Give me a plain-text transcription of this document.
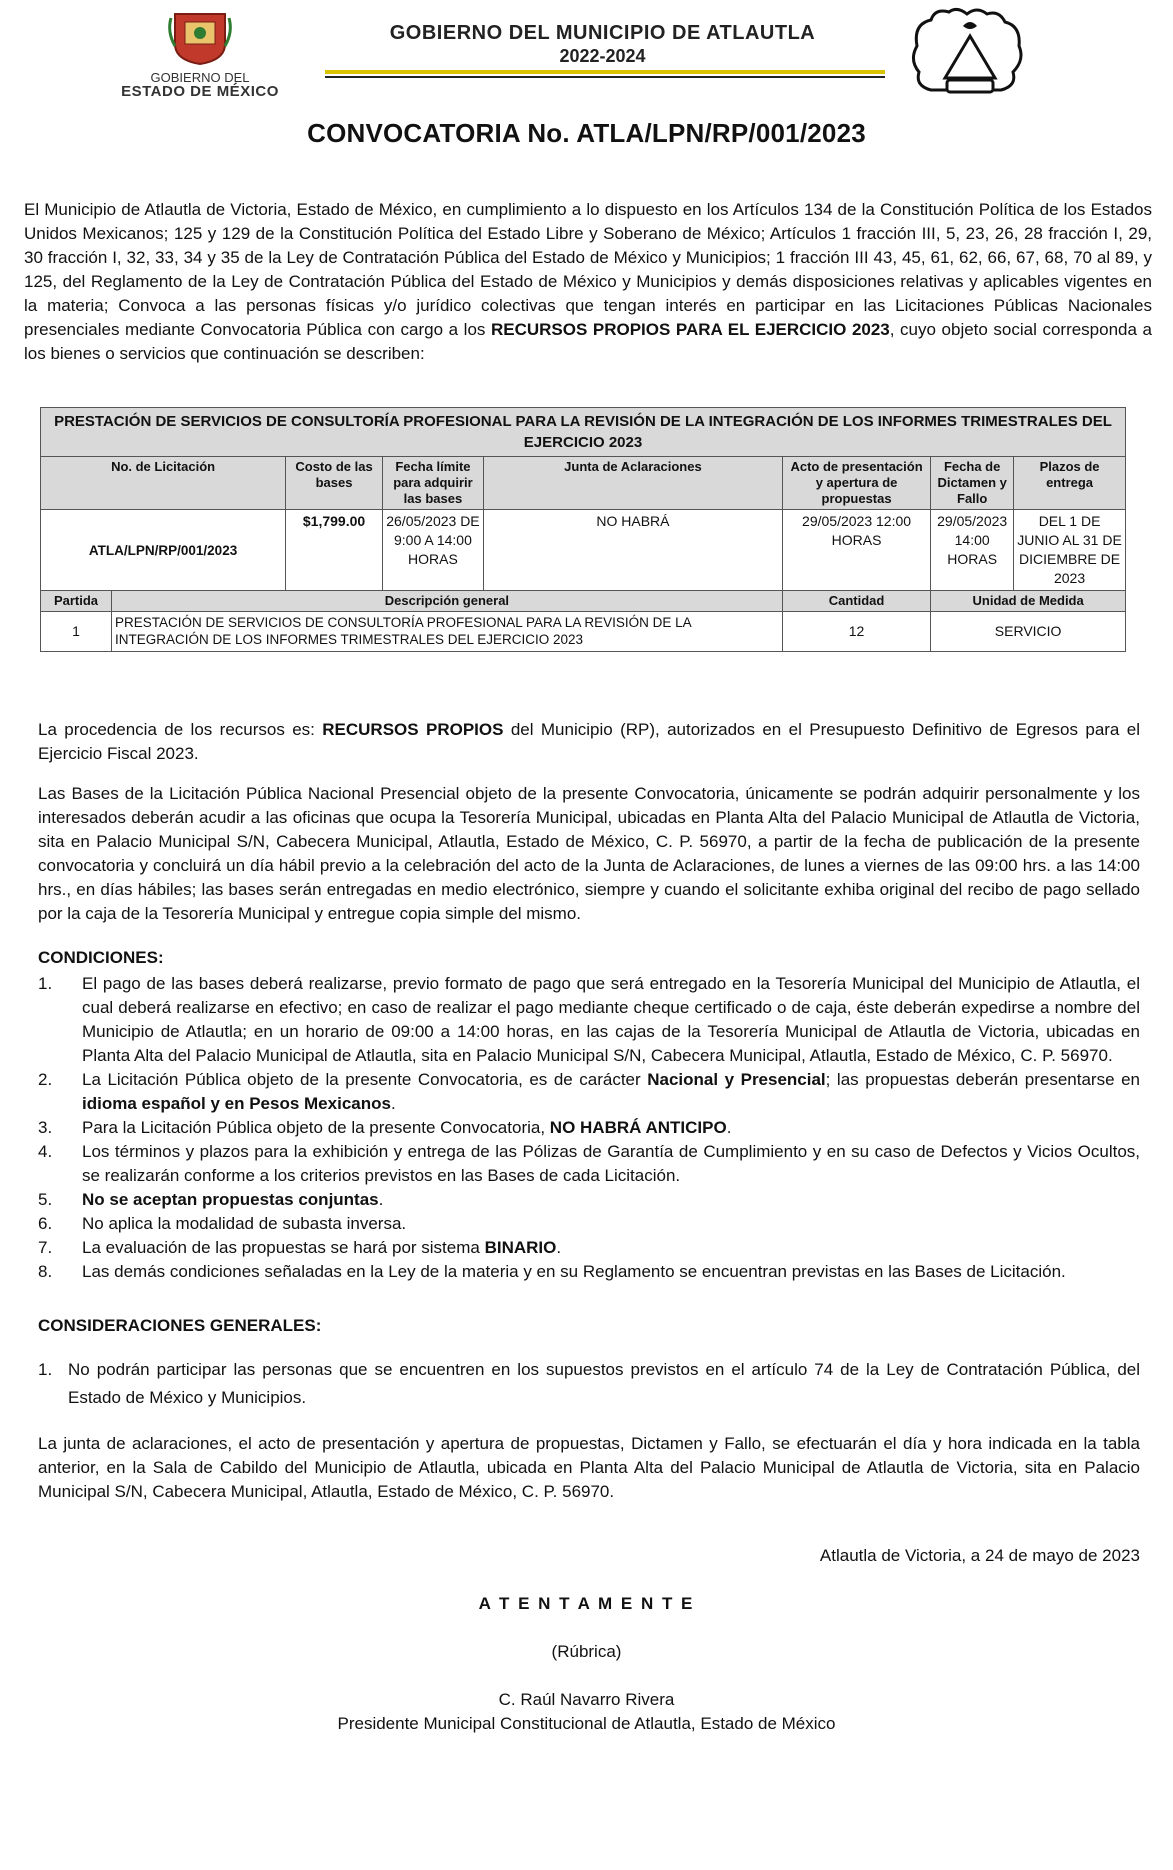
GOBIERNO DEL
ESTADO DE MÉXICO
GOBIERNO DEL MUNICIPIO DE ATLAUTLA
2022-2024
CONVOCATORIA No. ATLA/LPN/RP/001/2023
El Municipio de Atlautla de Victoria, Estado de México, en cumplimiento a lo dispuesto en los Artículos 134 de la Constitución Política de los Estados Unidos Mexicanos; 125 y 129 de la Constitución Política del Estado Libre y Soberano de México; Artículos 1 fracción III, 5, 23, 26, 28 fracción I, 29, 30 fracción I, 32, 33, 34 y 35 de la Ley de Contratación Pública del Estado de México y Municipios; 1 fracción III 43, 45, 61, 62, 66, 67, 68, 70 al 89, y 125, del Reglamento de la Ley de Contratación Pública del Estado de México y Municipios y demás disposiciones relativas y aplicables vigentes en la materia; Convoca a las personas físicas y/o jurídico colectivas que tengan interés en participar en las Licitaciones Públicas Nacionales presenciales mediante Convocatoria Pública con cargo a los RECURSOS PROPIOS PARA EL EJERCICIO 2023, cuyo objeto social corresponda a los bienes o servicios que continuación se describen:
PRESTACIÓN DE SERVICIOS DE CONSULTORÍA PROFESIONAL PARA LA REVISIÓN DE LA INTEGRACIÓN DE LOS INFORMES TRIMESTRALES DEL EJERCICIO 2023							
No. de Licitación		Costo de las bases	Fecha límite para adquirir las bases	Junta de Aclaraciones	Acto de presentación y apertura de propuestas	Fecha de Dictamen y Fallo	Plazos de entrega
ATLA/LPN/RP/001/2023		$1,799.00	26/05/2023 DE 9:00 A 14:00 HORAS	NO HABRÁ	29/05/2023 12:00 HORAS	29/05/2023 14:00 HORAS	DEL 1 DE JUNIO AL 31 DE DICIEMBRE DE 2023
Partida	Descripción general				Cantidad	Unidad de Medida	
1	PRESTACIÓN DE SERVICIOS DE CONSULTORÍA PROFESIONAL PARA LA REVISIÓN DE LA INTEGRACIÓN DE LOS INFORMES TRIMESTRALES DEL EJERCICIO 2023				12	SERVICIO	
La procedencia de los recursos es: RECURSOS PROPIOS del Municipio (RP), autorizados en el Presupuesto Definitivo de Egresos para el Ejercicio Fiscal 2023.
Las Bases de la Licitación Pública Nacional Presencial objeto de la presente Convocatoria, únicamente se podrán adquirir personalmente y los interesados deberán acudir a las oficinas que ocupa la Tesorería Municipal, ubicadas en Planta Alta del Palacio Municipal de Atlautla de Victoria, sita en Palacio Municipal S/N, Cabecera Municipal, Atlautla, Estado de México, C. P. 56970, a partir de la fecha de publicación de la presente convocatoria y concluirá un día hábil previo a la celebración del acto de la Junta de Aclaraciones, de lunes a viernes de las 09:00 hrs. a las 14:00 hrs., en días hábiles; las bases serán entregadas en medio electrónico, siempre y cuando el solicitante exhiba original del recibo de pago sellado por la caja de la Tesorería Municipal y entregue copia simple del mismo.
CONDICIONES:
1. El pago de las bases deberá realizarse, previo formato de pago que será entregado en la Tesorería Municipal del Municipio de Atlautla, el cual deberá realizarse en efectivo; en caso de realizar el pago mediante cheque certificado o de caja, éste deberán expedirse a nombre del Municipio de Atlautla; en un horario de 09:00 a 14:00 horas, en las cajas de la Tesorería Municipal de Atlautla de Victoria, ubicadas en Planta Alta del Palacio Municipal de Atlautla, sita en Palacio Municipal S/N, Cabecera Municipal, Atlautla, Estado de México, C. P. 56970.
2. La Licitación Pública objeto de la presente Convocatoria, es de carácter Nacional y Presencial; las propuestas deberán presentarse en idioma español y en Pesos Mexicanos.
3. Para la Licitación Pública objeto de la presente Convocatoria, NO HABRÁ ANTICIPO.
4. Los términos y plazos para la exhibición y entrega de las Pólizas de Garantía de Cumplimiento y en su caso de Defectos y Vicios Ocultos, se realizarán conforme a los criterios previstos en las Bases de cada Licitación.
5. No se aceptan propuestas conjuntas.
6. No aplica la modalidad de subasta inversa.
7. La evaluación de las propuestas se hará por sistema BINARIO.
8. Las demás condiciones señaladas en la Ley de la materia y en su Reglamento se encuentran previstas en las Bases de Licitación.
CONSIDERACIONES GENERALES:
1. No podrán participar las personas que se encuentren en los supuestos previstos en el artículo 74 de la Ley de Contratación Pública, del Estado de México y Municipios.
La junta de aclaraciones, el acto de presentación y apertura de propuestas, Dictamen y Fallo, se efectuarán el día y hora indicada en la tabla anterior, en la Sala de Cabildo del Municipio de Atlautla, ubicada en Planta Alta del Palacio Municipal de Atlautla de Victoria, sita en Palacio Municipal S/N, Cabecera Municipal, Atlautla, Estado de México, C. P. 56970.
Atlautla de Victoria, a 24 de mayo de 2023
A T E N T A M E N T E
(Rúbrica)
C. Raúl Navarro Rivera
Presidente Municipal Constitucional de Atlautla, Estado de México
